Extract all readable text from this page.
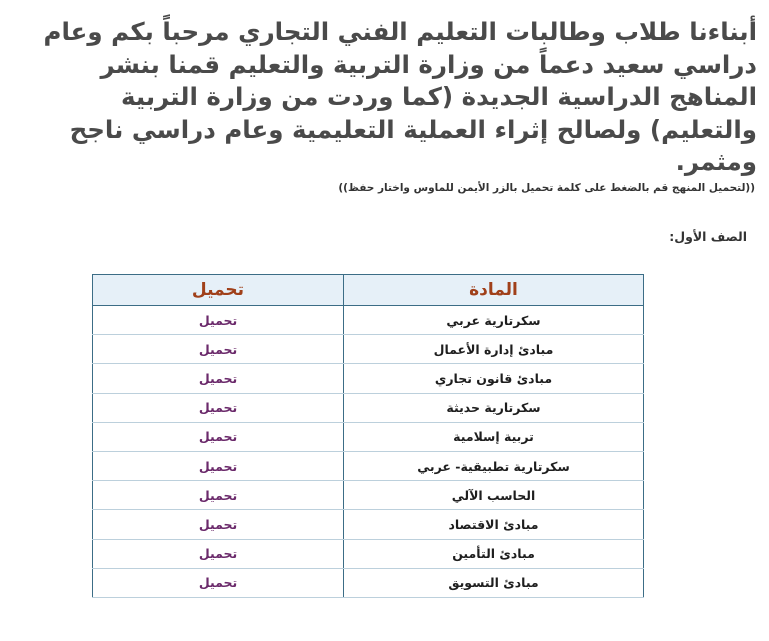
أبناءنا طلاب وطالبات التعليم الفني التجاري مرحباً بكم وعام دراسي سعيد دعماً من وزارة التربية والتعليم قمنا بنشر المناهج الدراسية الجديدة (كما وردت من وزارة التربية والتعليم) ولصالح إثراء العملية التعليمية وعام دراسي ناجح ومثمر.

((لتحميل المنهج قم بالضغط على كلمة تحميل بالزر الأيمن للماوس واختار حفظ))

الصف الأول:

المادة	تحميل
سكرتارية عربي	تحميل
مبادئ إدارة الأعمال	تحميل
مبادئ قانون تجاري	تحميل
سكرتارية حديثة	تحميل
تربية إسلامية	تحميل
سكرتارية تطبيقية- عربي	تحميل
الحاسب الآلي	تحميل
مبادئ الاقتصاد	تحميل
مبادئ التأمين	تحميل
مبادئ التسويق	تحميل
